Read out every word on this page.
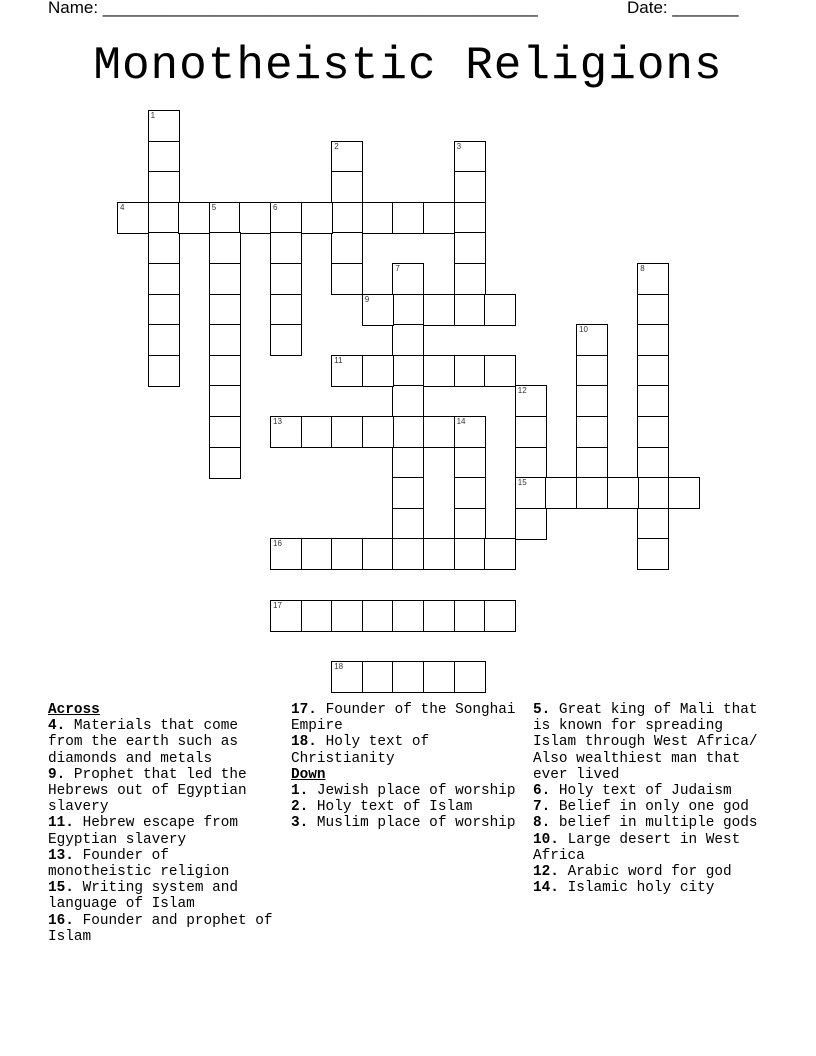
Name: ______________________________________________	Date: _______
Monotheistic Religions
1
2	3
4	5	6
7	8
9
10
11
12
15
13	14
16
17
18
Across
4. Materials that come from the earth such as diamonds and metals
9. Prophet that led the Hebrews out of Egyptian slavery
11. Hebrew escape from Egyptian slavery
13. Founder of monotheistic religion
15. Writing system and language of Islam
16. Founder and prophet of Islam
17. Founder of the Songhai Empire
18. Holy text of Christianity
Down
1. Jewish place of worship
2. Holy text of Islam
3. Muslim place of worship
5. Great king of Mali that is known for spreading Islam through West Africa/ Also wealthiest man that ever lived
6. Holy text of Judaism
7. Belief in only one god
8. belief in multiple gods
10. Large desert in West Africa
12. Arabic word for god
14. Islamic holy city
